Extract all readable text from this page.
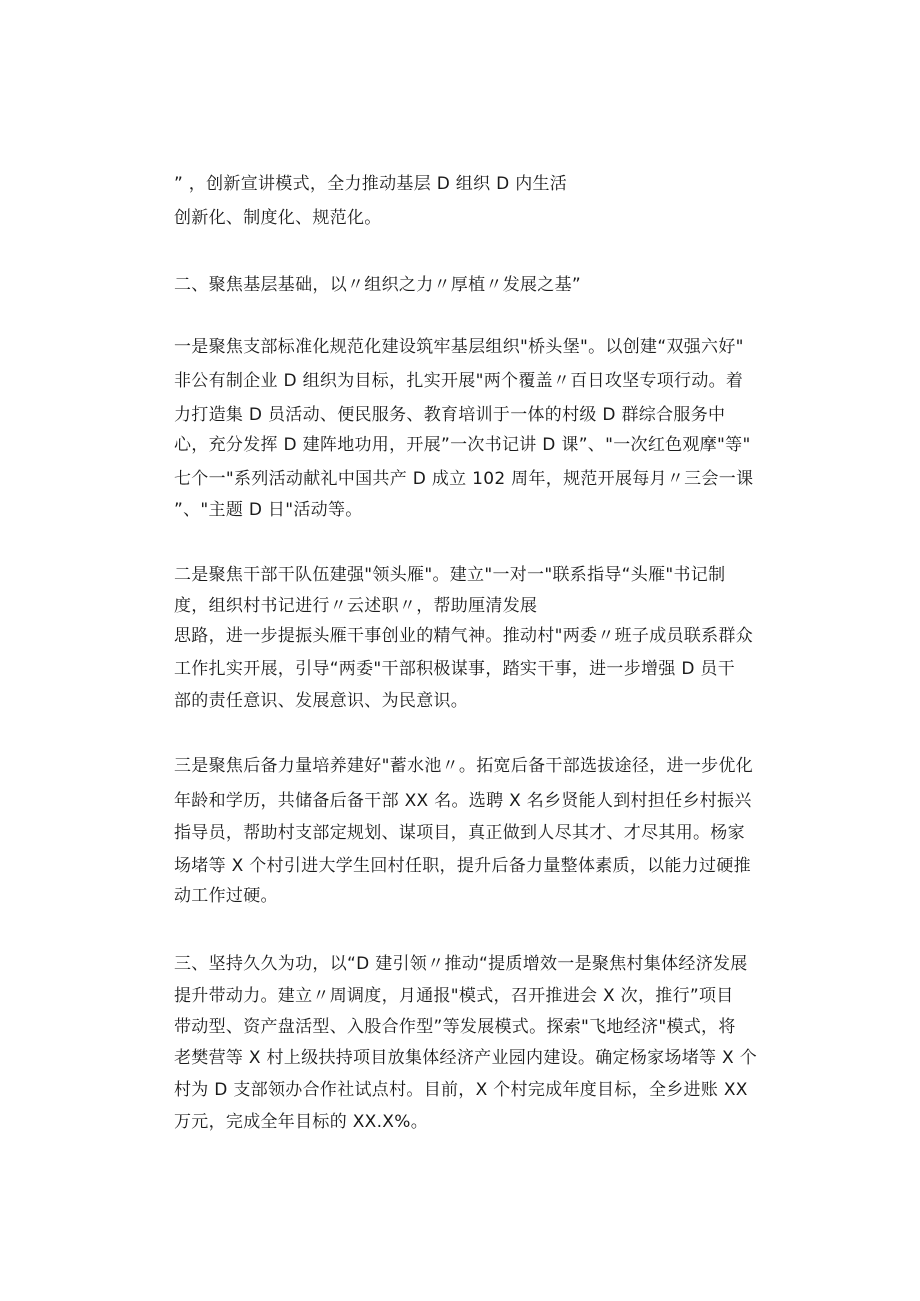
” ，创新宣讲模式，全力推动基层 D 组织 D 内生活
创新化、制度化、规范化。
二、聚焦基层基础，以〃组织之力〃厚植〃发展之基”
一是聚焦支部标准化规范化建设筑牢基层组织"桥头堡"。以创建“双强六好"
非公有制企业 D 组织为目标，扎实开展"两个覆盖〃百日攻坚专项行动。着
力打造集 D 员活动、便民服务、教育培训于一体的村级 D 群综合服务中
心，充分发挥 D 建阵地功用，开展”一次书记讲 D 课”、"一次红色观摩"等"
七个一"系列活动献礼中国共产 D 成立 102 周年，规范开展每月〃三会一课
”、"主题 D 日"活动等。
二是聚焦干部干队伍建强"领头雁"。建立"一对一"联系指导“头雁"书记制
度，组织村书记进行〃云述职〃，帮助厘清发展
思路，进一步提振头雁干事创业的精气神。推动村"两委〃班子成员联系群众
工作扎实开展，引导“两委"干部积极谋事，踏实干事，进一步增强 D 员干
部的责任意识、发展意识、为民意识。
三是聚焦后备力量培养建好"蓄水池〃。拓宽后备干部选拔途径，进一步优化
年龄和学历，共储备后备干部 XX 名。选聘 X 名乡贤能人到村担任乡村振兴
指导员，帮助村支部定规划、谋项目，真正做到人尽其才、才尽其用。杨家
场堵等 X 个村引进大学生回村任职，提升后备力量整体素质，以能力过硬推
动工作过硬。
三、坚持久久为功，以“D 建引领〃推动“提质增效一是聚焦村集体经济发展
提升带动力。建立〃周调度，月通报"模式，召开推进会 X 次，推行”项目
带动型、资产盘活型、入股合作型”等发展模式。探索"飞地经济"模式，将
老樊营等 X 村上级扶持项目放集体经济产业园内建设。确定杨家场堵等 X 个
村为 D 支部领办合作社试点村。目前，X 个村完成年度目标，全乡进账 XX
万元，完成全年目标的 XX.X%。
